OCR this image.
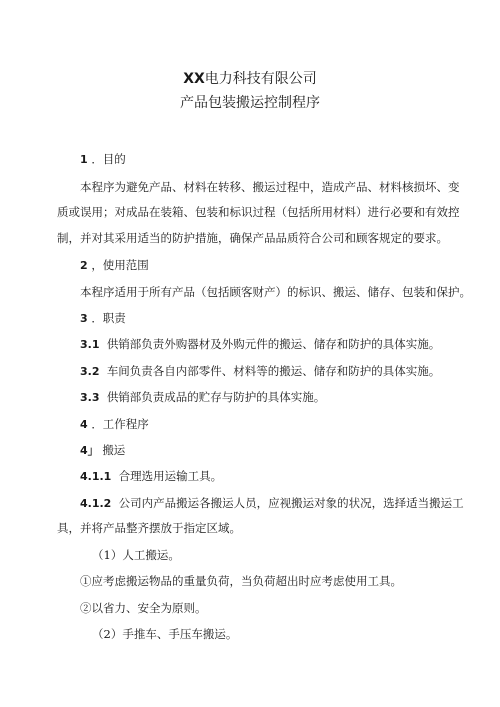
XX电力科技有限公司
产品包装搬运控制程序
1 ．目的
本程序为避免产品、材料在转移、搬运过程中，造成产品、材料核损坏、变
质或误用；对成品在装箱、包装和标识过程（包括所用材料）进行必要和有效控
制，并对其采用适当的防护措施，确保产品品质符合公司和顾客规定的要求。
2 ，使用范围
本程序适用于所有产品（包括顾客财产）的标识、搬运、储存、包装和保护。
3 ．职责
3.1 供销部负责外购器材及外购元件的搬运、储存和防护的具体实施。
3.2 车间负责各自内部零件、材料等的搬运、储存和防护的具体实施。
3.3 供销部负责成品的贮存与防护的具体实施。
4 ．工作程序
4」 搬运
4.1.1 合理选用运输工具。
4.1.2 公司内产品搬运各搬运人员，应视搬运对象的状况，选择适当搬运工
具，并将产品整齐摆放于指定区域。
（1）人工搬运。
①应考虑搬运物品的重量负荷，当负荷超出时应考虑使用工具。
②以省力、安全为原则。
（2）手推车、手压车搬运。
